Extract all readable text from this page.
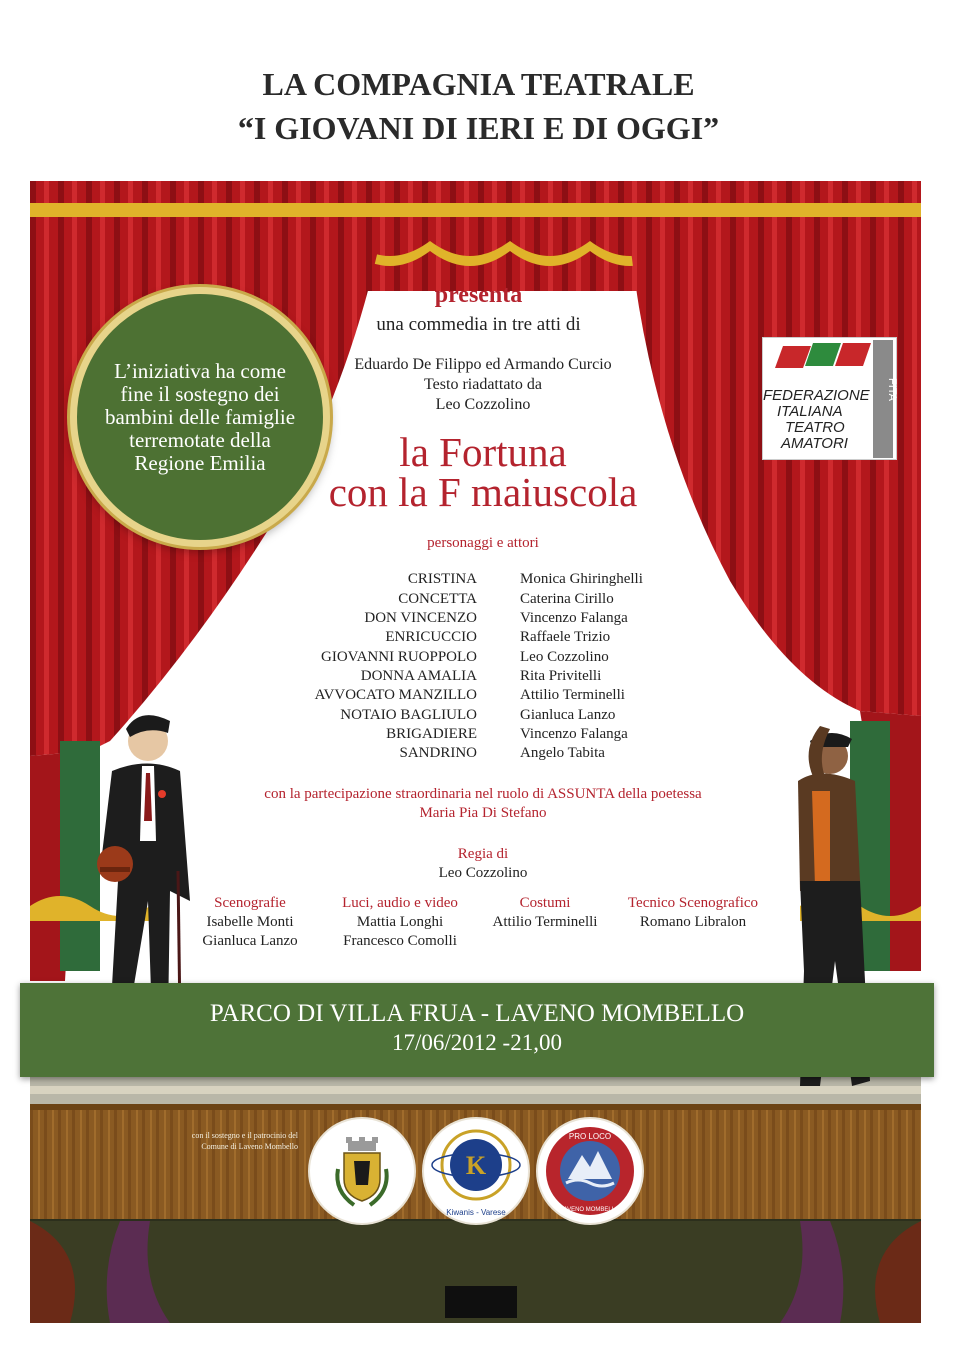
LA COMPAGNIA TEATRALE
“I GIOVANI DI IERI E DI OGGI”
L’iniziativa ha come fine il sostegno dei bambini delle famiglie terremotate della Regione Emilia
FEDERAZIONE
ITALIANA
TEATRO
AMATORI
FITA
presenta
una commedia in tre atti di
Eduardo De Filippo ed Armando Curcio
Testo riadattato da
Leo Cozzolino
la Fortuna
con la F maiuscola
personaggi e attori
CRISTINA	Monica Ghiringhelli
CONCETTA	Caterina Cirillo
DON VINCENZO	Vincenzo Falanga
ENRICUCCIO	Raffaele Trizio
GIOVANNI RUOPPOLO	Leo Cozzolino
DONNA AMALIA	Rita Privitelli
AVVOCATO MANZILLO	Attilio Terminelli
NOTAIO BAGLIULO	Gianluca Lanzo
BRIGADIERE	Vincenzo Falanga
SANDRINO	Angelo Tabita
con la partecipazione straordinaria nel ruolo di ASSUNTA della poetessa
Maria Pia Di Stefano
Regia di
Leo Cozzolino
Scenografie
Isabelle Monti
Gianluca Lanzo
Luci, audio e video
Mattia Longhi
Francesco Comolli
Costumi
Attilio Terminelli
Tecnico Scenografico
Romano Libralon
PARCO DI VILLA FRUA - LAVENO MOMBELLO
17/06/2012 -21,00
con il sostegno e il patrocinio del Comune di Laveno Mombello
K
Kiwanis - Varese
PRO LOCO
LAVENO MOMBELLO
